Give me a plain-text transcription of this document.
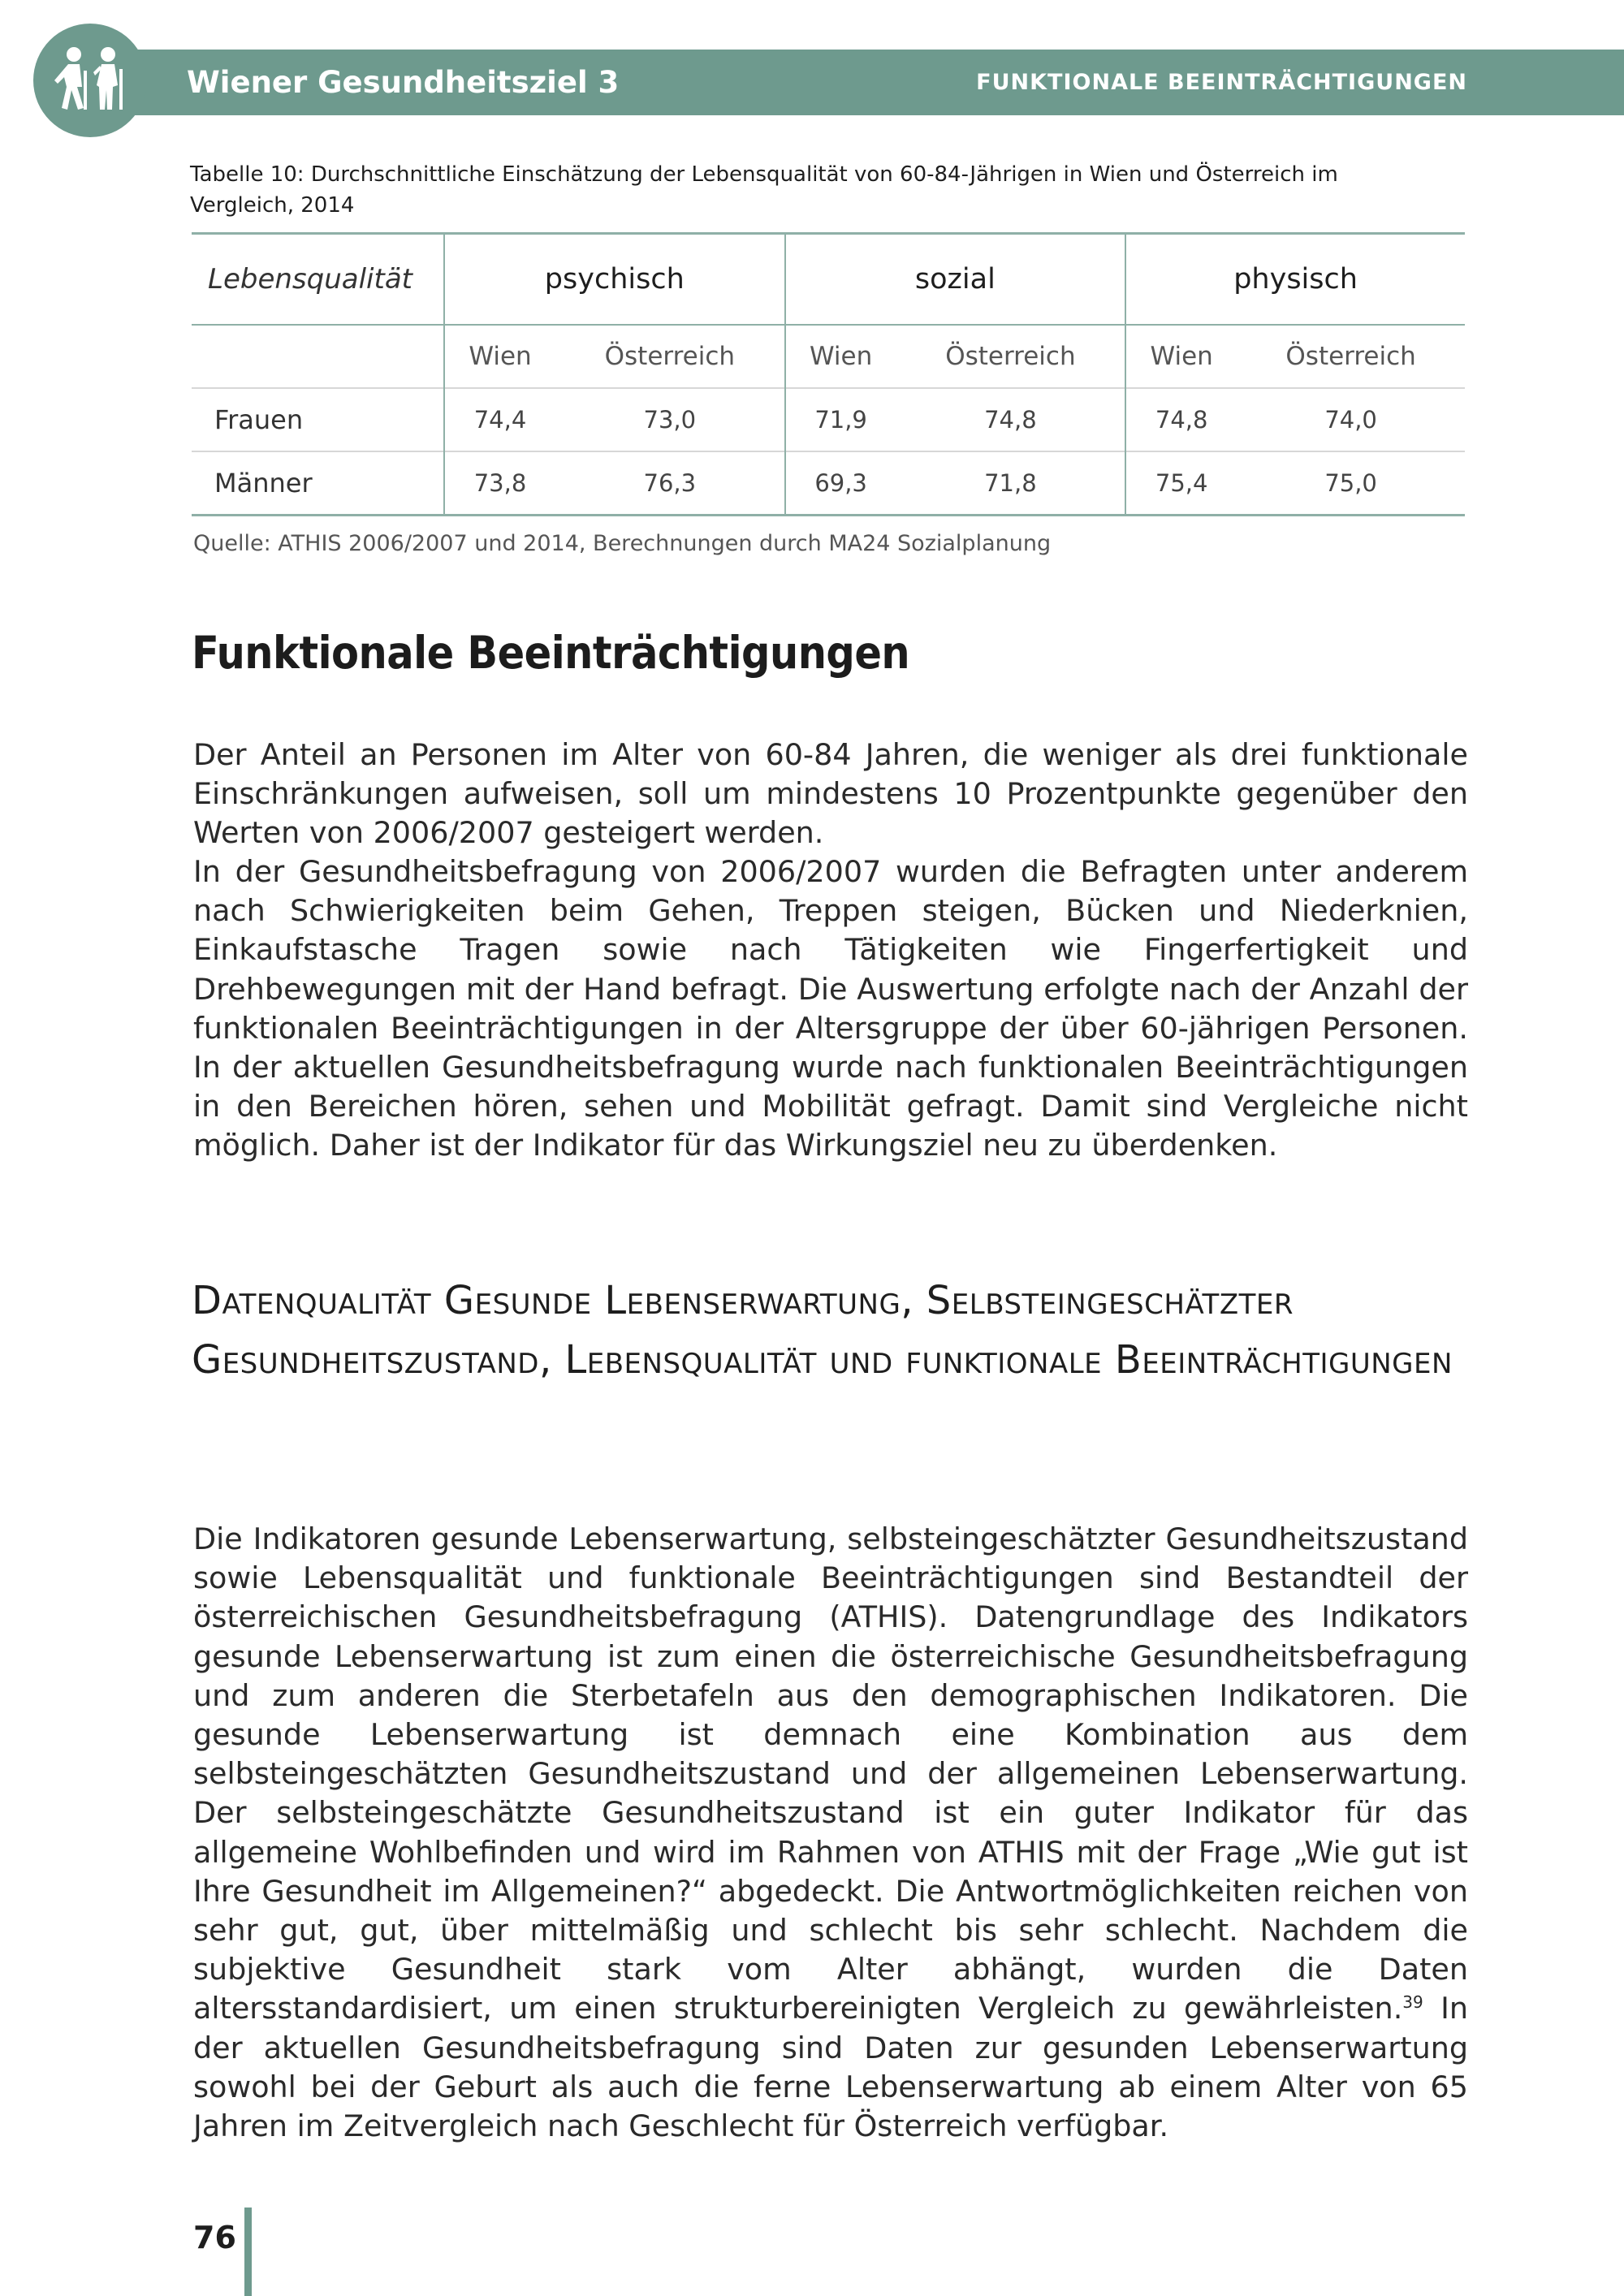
Wiener Gesundheitsziel 3	FUNKTIONALE BEEINTRÄCHTIGUNGEN
Tabelle 10: Durchschnittliche Einschätzung der Lebensqualität von 60-84-Jährigen in Wien und Österreich im Vergleich, 2014
Lebensqualität	psychisch		sozial		physisch	
	Wien	Österreich	Wien	Österreich	Wien	Österreich
Frauen	74,4	73,0	71,9	74,8	74,8	74,0
Männer	73,8	76,3	69,3	71,8	75,4	75,0
Quelle: ATHIS 2006/2007 und 2014, Berechnungen durch MA24 Sozialplanung
Funktionale Beeinträchtigungen
Der Anteil an Personen im Alter von 60-84 Jahren, die weniger als drei funktionale Einschränkungen aufweisen, soll um mindestens 10 Prozentpunkte gegenüber den Werten von 2006/2007 gesteigert werden.
In der Gesundheitsbefragung von 2006/2007 wurden die Befragten unter anderem nach Schwierigkeiten beim Gehen, Treppen steigen, Bücken und Niederknien, Einkaufstasche Tragen sowie nach Tätigkeiten wie Fingerfertigkeit und Drehbewegungen mit der Hand befragt. Die Auswertung erfolgte nach der Anzahl der funktionalen Beeinträchtigungen in der Altersgruppe der über 60-jährigen Personen. In der aktuellen Gesundheitsbefragung wurde nach funktionalen Beeinträchtigungen in den Bereichen hören, sehen und Mobilität gefragt. Damit sind Vergleiche nicht möglich. Daher ist der Indikator für das Wirkungsziel neu zu überdenken.
Datenqualität Gesunde Lebenserwartung, Selbsteingeschätzter Gesundheitszustand, Lebensqualität und funktionale Beeinträchtigungen
Die Indikatoren gesunde Lebenserwartung, selbsteingeschätzter Gesundheitszustand sowie Lebensqualität und funktionale Beeinträchtigungen sind Bestandteil der österreichischen Gesundheitsbefragung (ATHIS). Datengrundlage des Indikators gesunde Lebenserwartung ist zum einen die österreichische Gesundheitsbefragung und zum anderen die Sterbetafeln aus den demographischen Indikatoren. Die gesunde Lebenserwartung ist demnach eine Kombination aus dem selbsteingeschätzten Gesundheitszustand und der allgemeinen Lebenserwartung. Der selbsteingeschätzte Gesundheitszustand ist ein guter Indikator für das allgemeine Wohlbefinden und wird im Rahmen von ATHIS mit der Frage „Wie gut ist Ihre Gesundheit im Allgemeinen?“ abgedeckt. Die Antwortmöglichkeiten reichen von sehr gut, gut, über mittelmäßig und schlecht bis sehr schlecht. Nachdem die subjektive Gesundheit stark vom Alter abhängt, wurden die Daten altersstandardisiert, um einen strukturbereinigten Vergleich zu gewährleisten.$^{39}$ In der aktuellen Gesundheitsbefragung sind Daten zur gesunden Lebenserwartung sowohl bei der Geburt als auch die ferne Lebenserwartung ab einem Alter von 65 Jahren im Zeitvergleich nach Geschlecht für Österreich verfügbar.
76
